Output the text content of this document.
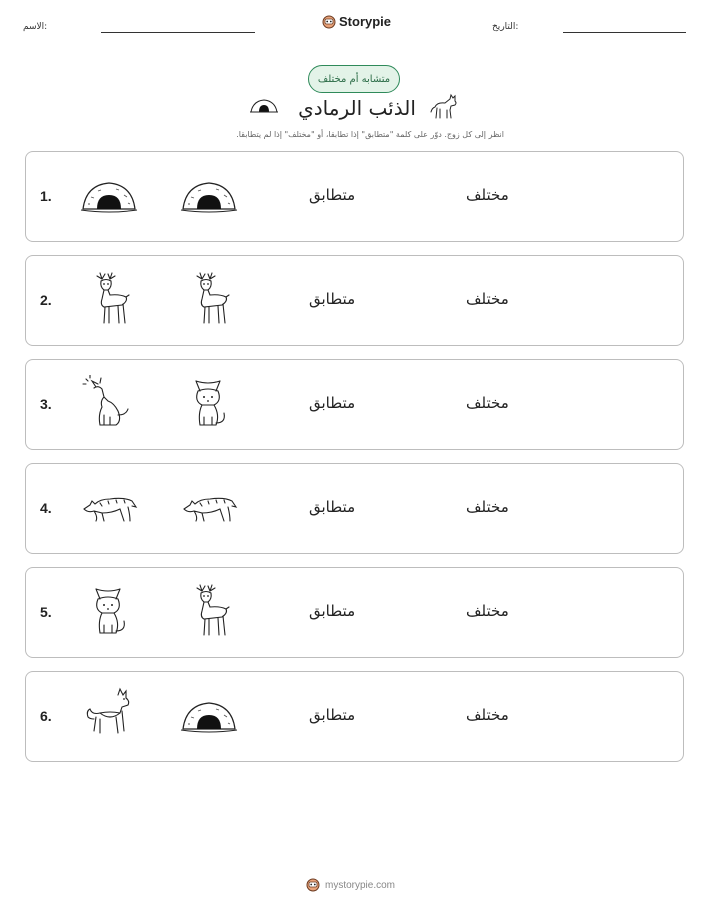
الاسم:	Storypie	التاريخ:
متشابه أم مختلف
الذئب الرمادي
انظر إلى كل زوج. دوّر على كلمة "متطابق" إذا تطابقا، أو "مختلف" إذا لم يتطابقا.
1.	متطابق	مختلف
2.	متطابق	مختلف
3.	متطابق	مختلف
4.	متطابق	مختلف
5.	متطابق	مختلف
6.	متطابق	مختلف
mystorypie.com
